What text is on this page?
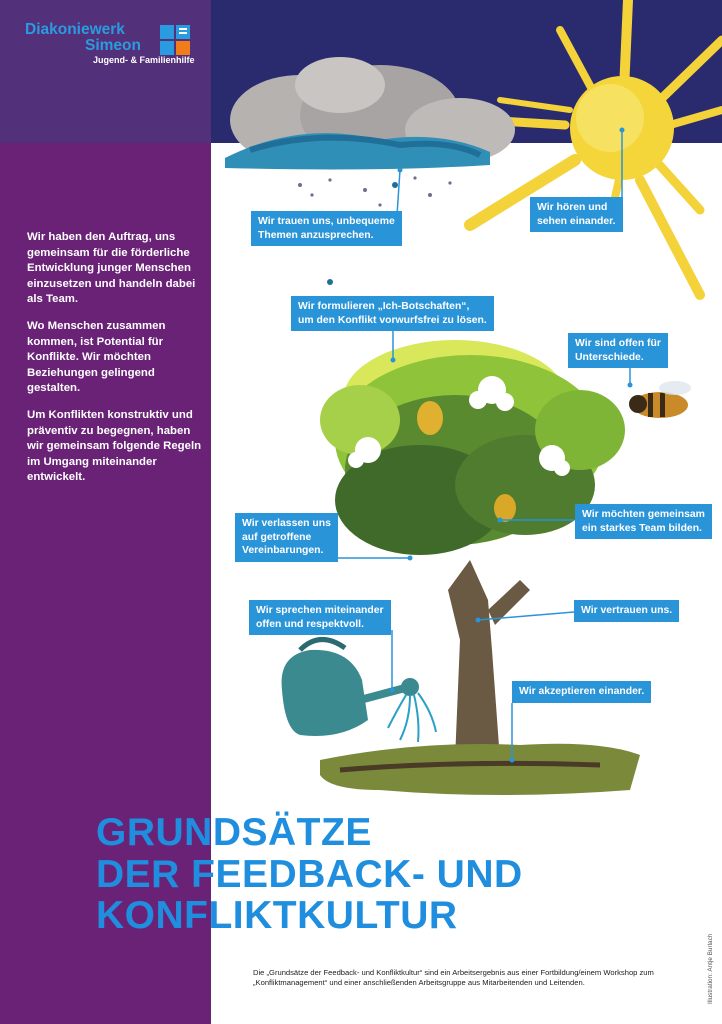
Diakoniewerk
Simeon
Jugend- & Familienhilfe

Wir haben den Auftrag, uns gemeinsam für die förderliche Entwicklung junger Menschen einzusetzen und handeln dabei als Team.

Wo Menschen zusammen kommen, ist Potential für Konflikte. Wir möchten Beziehungen gelingend gestalten.

Um Konflikten konstruktiv und präventiv zu begegnen, haben wir gemeinsam folgende Regeln im Umgang miteinander entwickelt.

Wir trauen uns, unbequeme
Themen anzusprechen.
Wir hören und
sehen einander.
Wir formulieren „Ich-Botschaften“,
um den Konflikt vorwurfsfrei zu lösen.
Wir sind offen für
Unterschiede.
Wir verlassen uns
auf getroffene
Vereinbarungen.
Wir möchten gemeinsam
ein starkes Team bilden.
Wir sprechen miteinander
offen und respektvoll.
Wir vertrauen uns.
Wir akzeptieren einander.
GRUNDSÄTZE
DER FEEDBACK- UND
KONFLIKTKULTUR
Die „Grundsätze der Feedback- und Konfliktkultur“ sind ein Arbeitsergebnis aus einer Fortbildung/einem Workshop zum „Konfliktmanagement“ und einer anschließenden Arbeitsgruppe aus Mitarbeitenden und Leitenden.	Illustration: Antje Burlach
